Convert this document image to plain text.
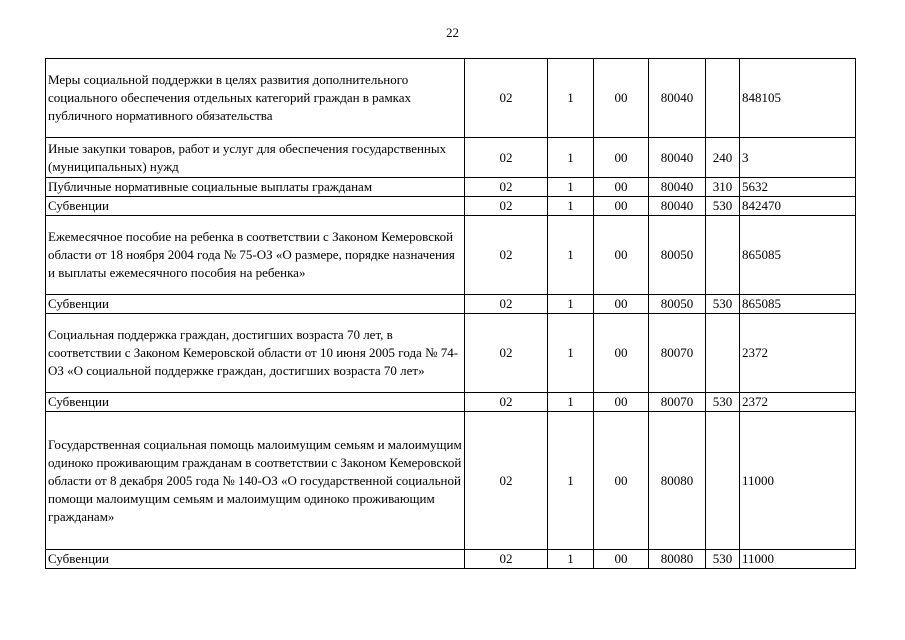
22
Меры социальной поддержки в целях развития дополнительного социального обеспечения отдельных категорий граждан в рамках публичного нормативного обязательства	02	1	00	80040		848105
Иные закупки товаров, работ и услуг для обеспечения государственных (муниципальных) нужд	02	1	00	80040	240	3
Публичные нормативные социальные выплаты гражданам	02	1	00	80040	310	5632
Субвенции	02	1	00	80040	530	842470
Ежемесячное пособие на ребенка в соответствии с Законом Кемеровской области от 18 ноября 2004 года № 75-ОЗ «О размере, порядке назначения и выплаты ежемесячного пособия на ребенка»	02	1	00	80050		865085
Субвенции	02	1	00	80050	530	865085
Социальная поддержка граждан, достигших возраста 70 лет, в соответствии с Законом Кемеровской области от 10 июня 2005 года № 74-ОЗ «О социальной поддержке граждан, достигших возраста 70 лет»	02	1	00	80070		2372
Субвенции	02	1	00	80070	530	2372
Государственная социальная помощь малоимущим семьям и малоимущим одиноко проживающим гражданам в соответствии с Законом Кемеровской области от 8 декабря 2005 года № 140-ОЗ «О государственной социальной помощи малоимущим семьям и малоимущим одиноко проживающим гражданам»	02	1	00	80080		11000
Субвенции	02	1	00	80080	530	11000
